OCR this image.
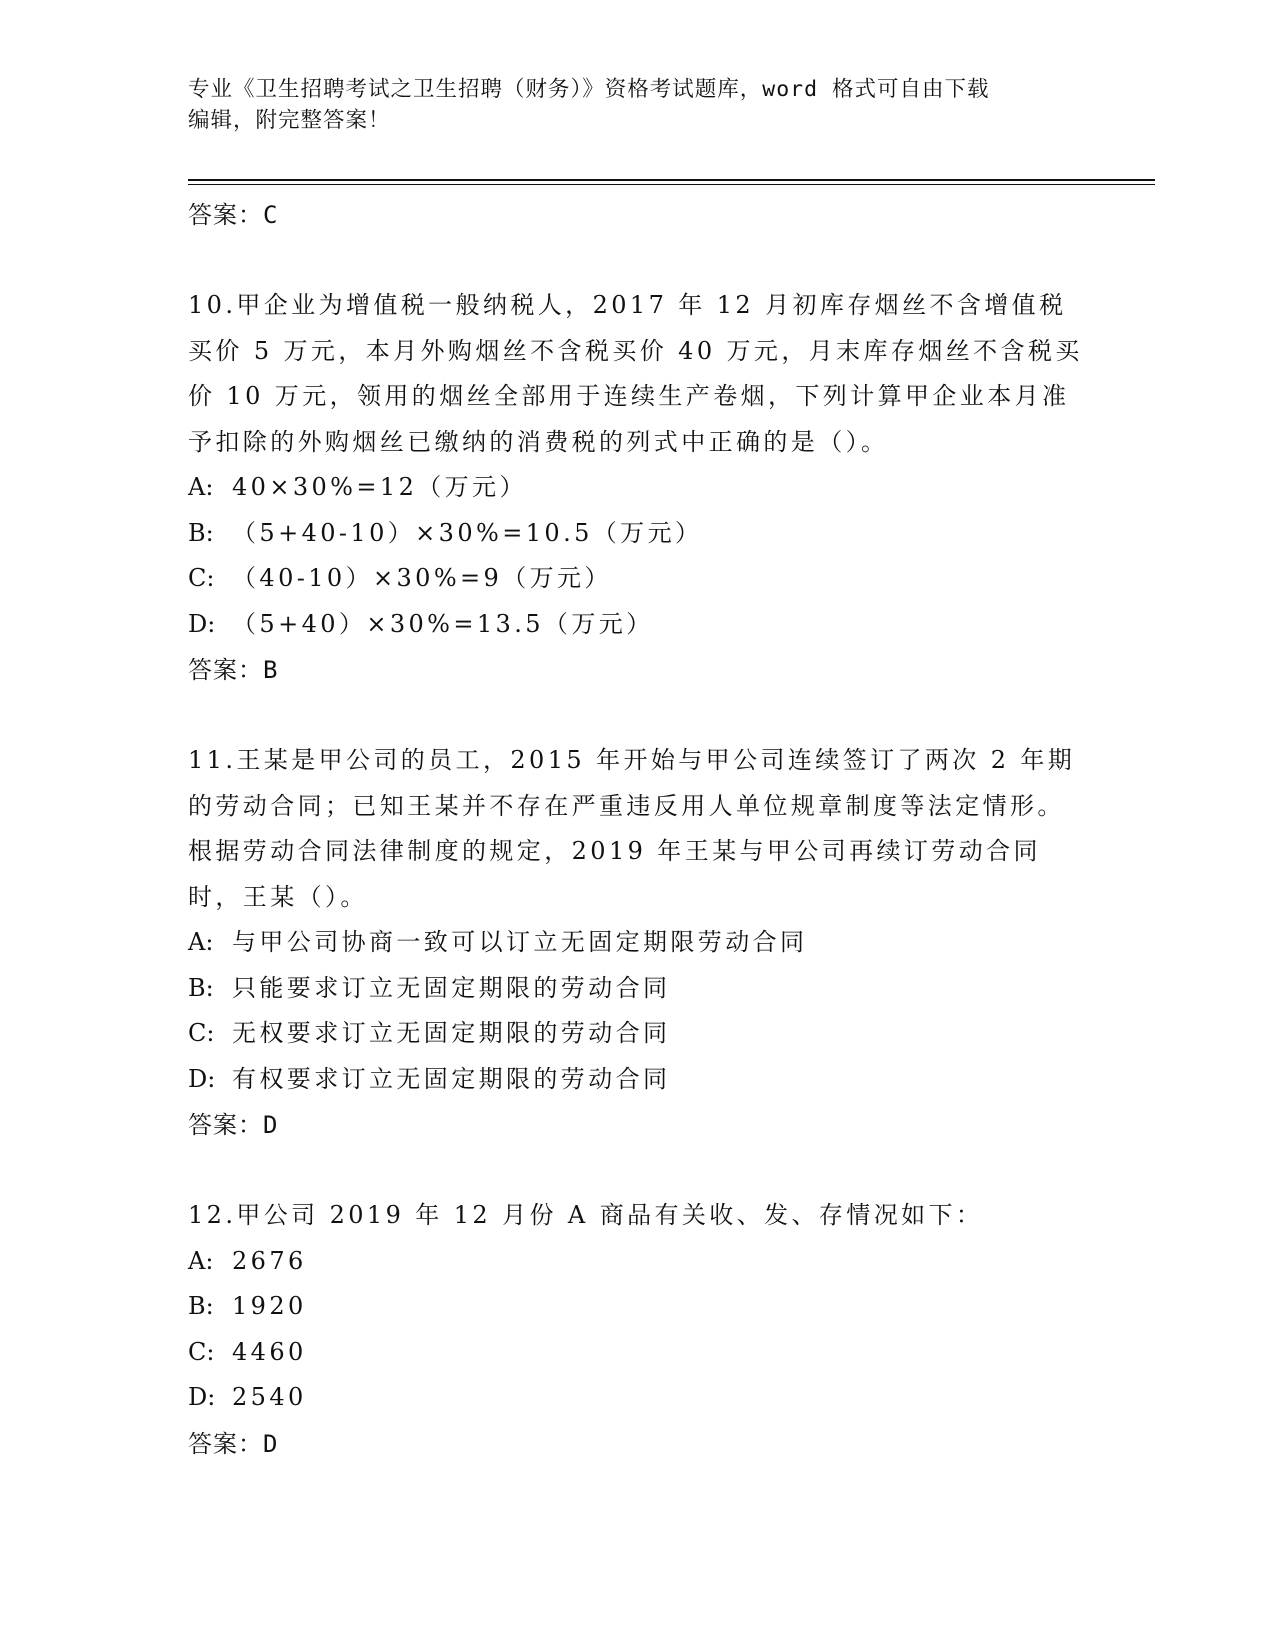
专业《卫生招聘考试之卫生招聘（财务）》资格考试题库，word 格式可自由下载
编辑，附完整答案！
答案：C
10.甲企业为增值税一般纳税人，2017 年 12 月初库存烟丝不含增值税买价 5 万元，本月外购烟丝不含税买价 40 万元，月末库存烟丝不含税买价 10 万元，领用的烟丝全部用于连续生产卷烟，下列计算甲企业本月准予扣除的外购烟丝已缴纳的消费税的列式中正确的是（）。
A: 40×30%=12（万元）
B: （5+40-10）×30%=10.5（万元）
C: （40-10）×30%=9（万元）
D: （5+40）×30%=13.5（万元）
答案：B
11.王某是甲公司的员工，2015 年开始与甲公司连续签订了两次 2 年期的劳动合同；已知王某并不存在严重违反用人单位规章制度等法定情形。根据劳动合同法律制度的规定，2019 年王某与甲公司再续订劳动合同时，王某（）。
A: 与甲公司协商一致可以订立无固定期限劳动合同
B: 只能要求订立无固定期限的劳动合同
C: 无权要求订立无固定期限的劳动合同
D: 有权要求订立无固定期限的劳动合同
答案：D
12.甲公司 2019 年 12 月份 A 商品有关收、发、存情况如下：
A: 2676
B: 1920
C: 4460
D: 2540
答案：D
